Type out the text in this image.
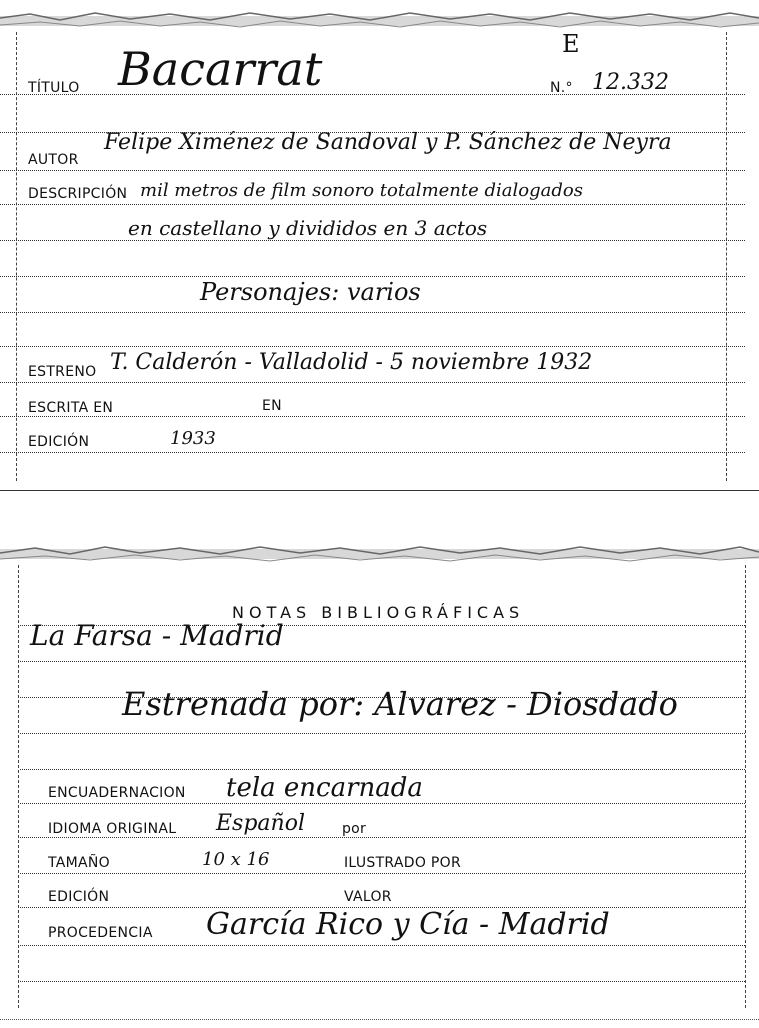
E
TÍTULO Bacarrat	N.° 12.332
AUTOR
Felipe Ximénez de Sandoval y P. Sánchez de Neyra
DESCRIPCIÓN mil metros de film sonoro totalmente dialogados
en castellano y divididos en 3 actos
Personajes: varios
ESTRENO T. Calderón - Valladolid - 5 noviembre 1932
ESCRITA EN	EN
EDICIÓN	1933
NOTAS BIBLIOGRÁFICAS
La Farsa - Madrid
Estrenada por: Alvarez - Diosdado
ENCUADERNACION tela encarnada
IDIOMA ORIGINAL Español	por
TAMAÑO	10 x 16	ILUSTRADO POR
EDICIÓN	VALOR
PROCEDENCIA García Rico y Cía - Madrid
